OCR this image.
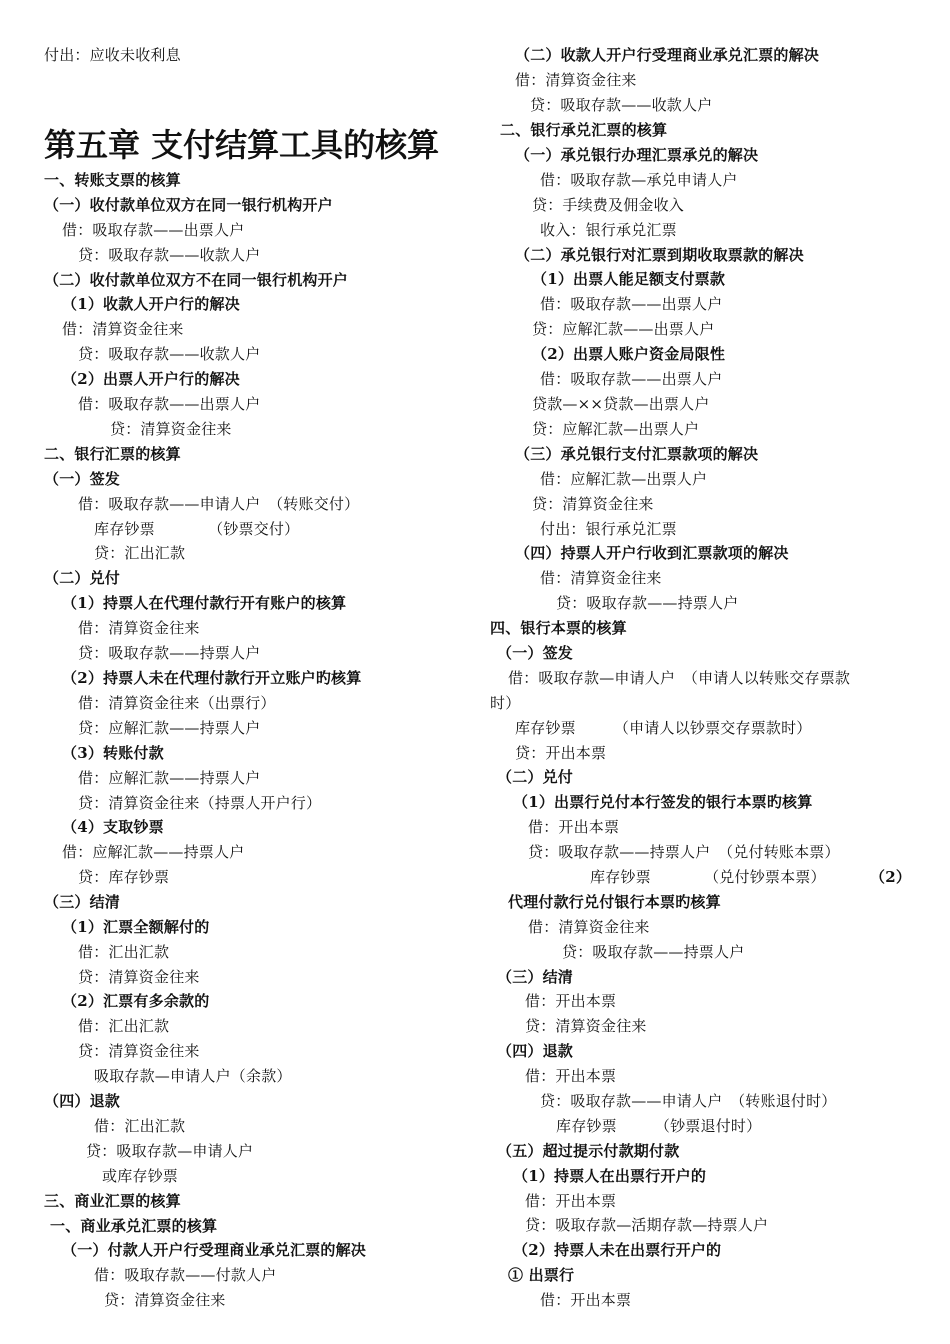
付出：应收未收利息
第五章 支付结算工具的核算
一、转账支票的核算
（一）收付款单位双方在同一银行机构开户
借：吸取存款——出票人户
贷：吸取存款——收款人户
（二）收付款单位双方不在同一银行机构开户
（1）收款人开户行的解决
借：清算资金往来
贷：吸取存款——收款人户
（2）出票人开户行的解决
借：吸取存款——出票人户
贷：清算资金往来
二、银行汇票的核算
（一）签发
借：吸取存款——申请人户　（转账交付）
库存钞票　　　　（钞票交付）
贷：汇出汇款
（二）兑付
（1）持票人在代理付款行开有账户的核算
借：清算资金往来
贷：吸取存款——持票人户
（2）持票人未在代理付款行开立账户旳核算
借：清算资金往来（出票行）
贷：应解汇款——持票人户
（3）转账付款
借：应解汇款——持票人户
贷：清算资金往来（持票人开户行）
（4）支取钞票
借：应解汇款——持票人户
贷：库存钞票
（三）结清
（1）汇票全额解付的
借：汇出汇款
贷：清算资金往来
（2）汇票有多余款的
借：汇出汇款
贷：清算资金往来
吸取存款—申请人户（余款）
（四）退款
借：汇出汇款
贷：吸取存款—申请人户
或库存钞票
三、商业汇票的核算
一、商业承兑汇票的核算
（一）付款人开户行受理商业承兑汇票的解决
借：吸取存款——付款人户
贷：清算资金往来
（二）收款人开户行受理商业承兑汇票的解决
借：清算资金往来
贷：吸取存款——收款人户
二、银行承兑汇票的核算
（一）承兑银行办理汇票承兑的解决
借：吸取存款—承兑申请人户
贷：手续费及佣金收入
收入：银行承兑汇票
（二）承兑银行对汇票到期收取票款的解决
（1）出票人能足额支付票款
借：吸取存款——出票人户
贷：应解汇款——出票人户
（2）出票人账户资金局限性
借：吸取存款——出票人户
贷款—××贷款—出票人户
贷：应解汇款—出票人户
（三）承兑银行支付汇票款项的解决
借：应解汇款—出票人户
贷：清算资金往来
付出：银行承兑汇票
（四）持票人开户行收到汇票款项的解决
借：清算资金往来
贷：吸取存款——持票人户
四、银行本票的核算
（一）签发
借：吸取存款—申请人户　（申请人以转账交存票款
时）
库存钞票　　　（申请人以钞票交存票款时）
贷：开出本票
（二）兑付
（1）出票行兑付本行签发的银行本票旳核算
借：开出本票
贷：吸取存款——持票人户　（兑付转账本票）
库存钞票　　　　（兑付钞票本票）	（2）
代理付款行兑付银行本票旳核算
借：清算资金往来
贷：吸取存款——持票人户
（三）结清
借：开出本票
贷：清算资金往来
（四）退款
借：开出本票
贷：吸取存款——申请人户　（转账退付时）
库存钞票　　　（钞票退付时）
（五）超过提示付款期付款
（1）持票人在出票行开户的
借：开出本票
贷：吸取存款—活期存款—持票人户
（2）持票人未在出票行开户的
① 出票行
借：开出本票
